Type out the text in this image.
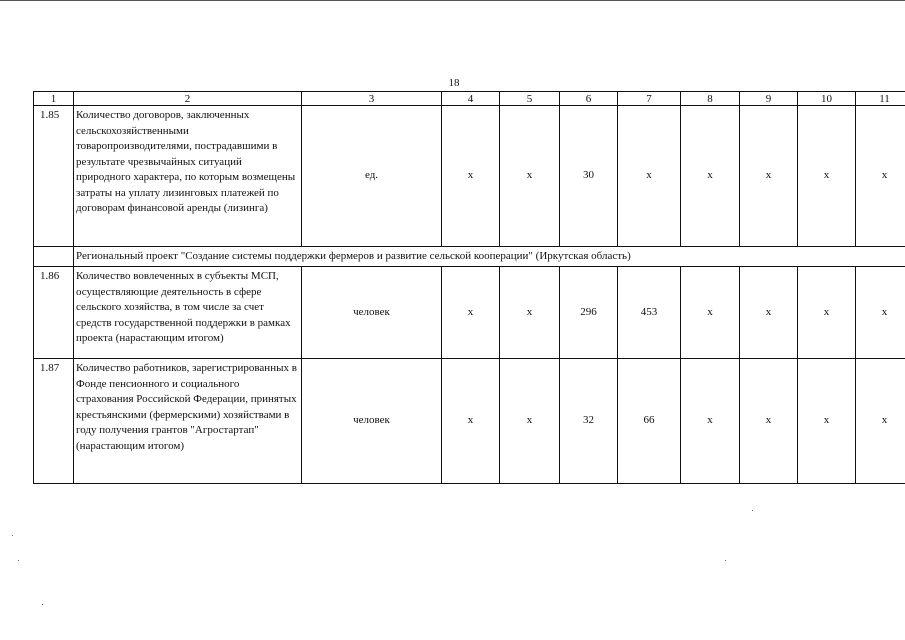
18
1	2	3	4	5	6	7	8	9	10	11
1.85	Количество договоров, заключенных сельскохозяйственными товаропроизводителями, пострадавшими в результате чрезвычайных ситуаций природного характера, по которым возмещены затраты на уплату лизинговых платежей по договорам финансовой аренды (лизинга)	ед.	x	x	30	x	x	x	x	x
	Региональный проект "Создание системы поддержки фермеров и развитие сельской кооперации" (Иркутская область)									
1.86	Количество вовлеченных в субъекты МСП, осуществляющие деятельность в сфере сельского хозяйства, в том числе за счет средств государственной поддержки в рамках проекта (нарастающим итогом)	человек	x	x	296	453	x	x	x	x
1.87	Количество работников, зарегистрированных в Фонде пенсионного и социального страхования Российской Федерации, принятых крестьянскими (фермерскими) хозяйствами в году получения грантов "Агростартап" (нарастающим итогом)	человек	x	x	32	66	x	x	x	x
